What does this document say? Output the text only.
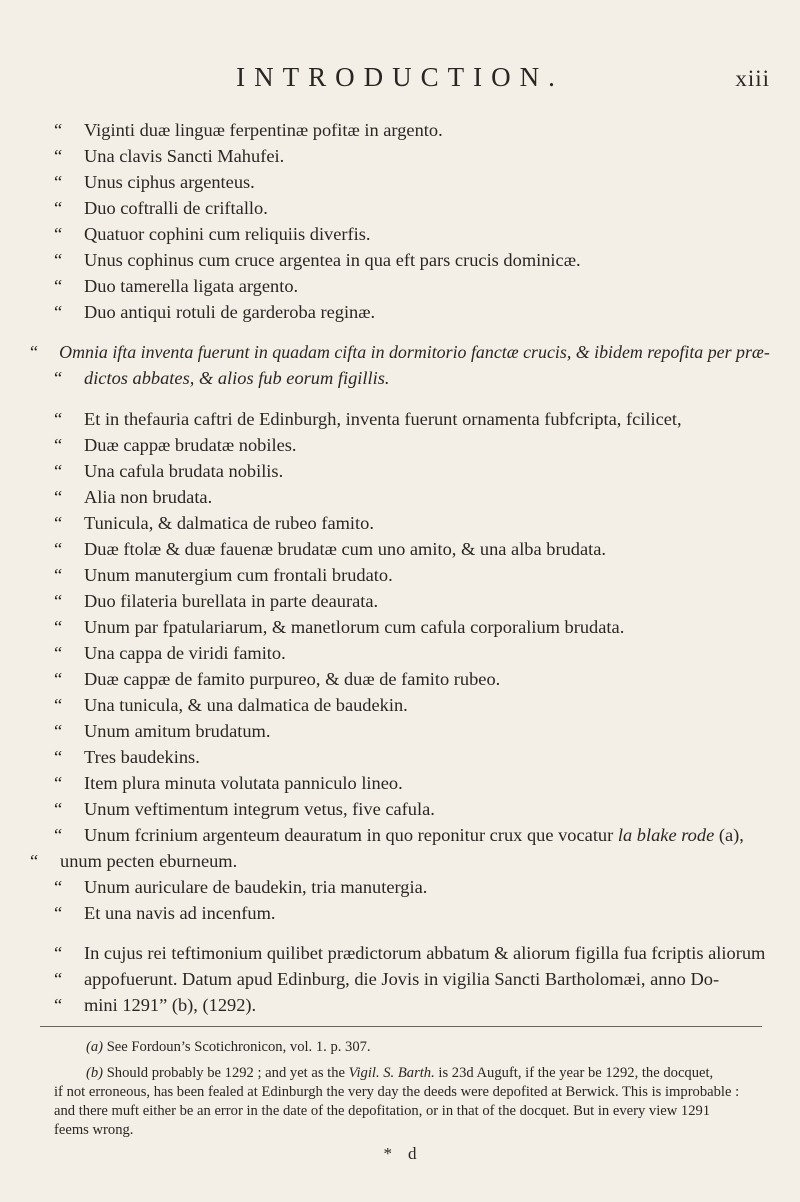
INTRODUCTION.	xiii
“ Viginti duæ linguæ ferpentinæ pofitæ in argento.
“ Una clavis Sancti Mahufei.
“ Unus ciphus argenteus.
“ Duo coftralli de criftallo.
“ Quatuor cophini cum reliquiis diverfis.
“ Unus cophinus cum cruce argentea in qua eft pars crucis dominicæ.
“ Duo tamerella ligata argento.
“ Duo antiqui rotuli de garderoba reginæ.
“ Omnia ifta inventa fuerunt in quadam cifta in dormitorio fanctæ crucis, & ibidem repofita per præ-
“ dictos abbates, & alios fub eorum figillis.
“ Et in thefauria caftri de Edinburgh, inventa fuerunt ornamenta fubfcripta, fcilicet,
“ Duæ cappæ brudatæ nobiles.
“ Una cafula brudata nobilis.
“ Alia non brudata.
“ Tunicula, & dalmatica de rubeo famito.
“ Duæ ftolæ & duæ fauenæ brudatæ cum uno amito, & una alba brudata.
“ Unum manutergium cum frontali brudato.
“ Duo filateria burellata in parte deaurata.
“ Unum par fpatulariarum, & manetlorum cum cafula corporalium brudata.
“ Una cappa de viridi famito.
“ Duæ cappæ de famito purpureo, & duæ de famito rubeo.
“ Una tunicula, & una dalmatica de baudekin.
“ Unum amitum brudatum.
“ Tres baudekins.
“ Item plura minuta volutata panniculo lineo.
“ Unum veftimentum integrum vetus, five cafula.
“ Unum fcrinium argenteum deauratum in quo reponitur crux que vocatur la blake rode (a),
“ unum pecten eburneum.
“ Unum auriculare de baudekin, tria manutergia.
“ Et una navis ad incenfum.
“ In cujus rei teftimonium quilibet prædictorum abbatum & aliorum figilla fua fcriptis aliorum
“ appofuerunt. Datum apud Edinburg, die Jovis in vigilia Sancti Bartholomæi, anno Do-
“ mini 1291” (b), (1292).
(a) See Fordoun’s Scotichronicon, vol. 1. p. 307.
(b) Should probably be 1292 ; and yet as the Vigil. S. Barth. is 23d Auguft, if the year be 1292, the docquet,
if not erroneous, has been fealed at Edinburgh the very day the deeds were depofited at Berwick. This is improbable :
and there muft either be an error in the date of the depofitation, or in that of the docquet. But in every view 1291
feems wrong.
* d
